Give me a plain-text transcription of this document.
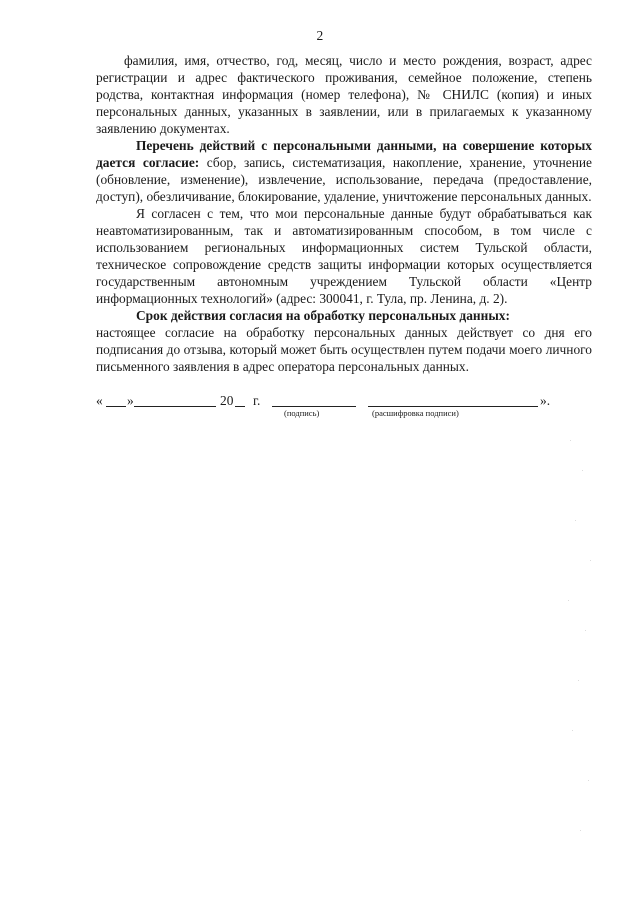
2

фамилия, имя, отчество, год, месяц, число и место рождения, возраст, адрес регистрации и адрес фактического проживания, семейное положение, степень родства, контактная информация (номер телефона), № СНИЛС (копия) и иных персональных данных, указанных в заявлении, или в прилагаемых к указанному заявлению документах.

Перечень действий с персональными данными, на совершение которых дается согласие: сбор, запись, систематизация, накопление, хранение, уточнение (обновление, изменение), извлечение, использование, передача (предоставление, доступ), обезличивание, блокирование, удаление, уничтожение персональных данных.

Я согласен с тем, что мои персональные данные будут обрабатываться как неавтоматизированным, так и автоматизированным способом, в том числе с использованием региональных информационных систем Тульской области, техническое сопровождение средств защиты информации которых осуществляется государственным автономным учреждением Тульской области «Центр информационных технологий» (адрес: 300041, г. Тула, пр. Ленина, д. 2).

Срок действия согласия на обработку персональных данных:

настоящее согласие на обработку персональных данных действует со дня его подписания до отзыва, который может быть осуществлен путем подачи моего личного письменного заявления в адрес оператора персональных данных.

« »	20 г.	».
(подпись)	(расшифровка подписи)
